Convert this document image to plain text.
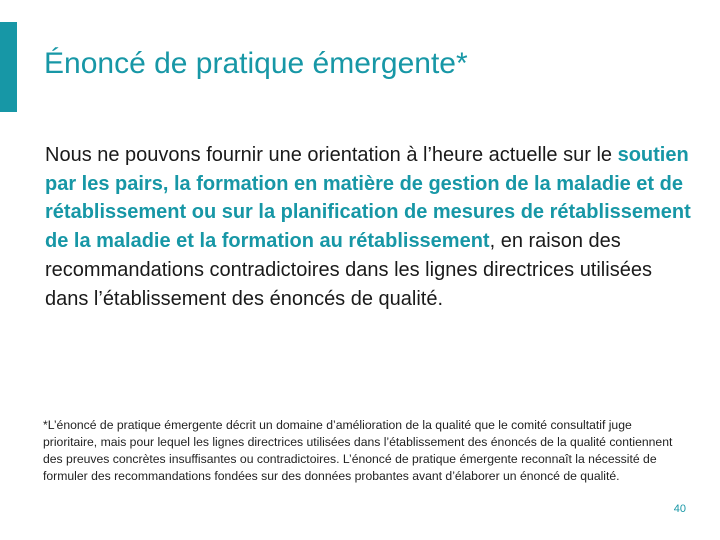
Énoncé de pratique émergente*

Nous ne pouvons fournir une orientation à l’heure actuelle sur le soutien par les pairs, la formation en matière de gestion de la maladie et de rétablissement ou sur la planification de mesures de rétablissement de la maladie et la formation au rétablissement, en raison des recommandations contradictoires dans les lignes directrices utilisées dans l’établissement des énoncés de qualité.

*L’énoncé de pratique émergente décrit un domaine d’amélioration de la qualité que le comité consultatif juge prioritaire, mais pour lequel les lignes directrices utilisées dans l’établissement des énoncés de la qualité contiennent des preuves concrètes insuffisantes ou contradictoires. L’énoncé de pratique émergente reconnaît la nécessité de formuler des recommandations fondées sur des données probantes avant d’élaborer un énoncé de qualité.

40
